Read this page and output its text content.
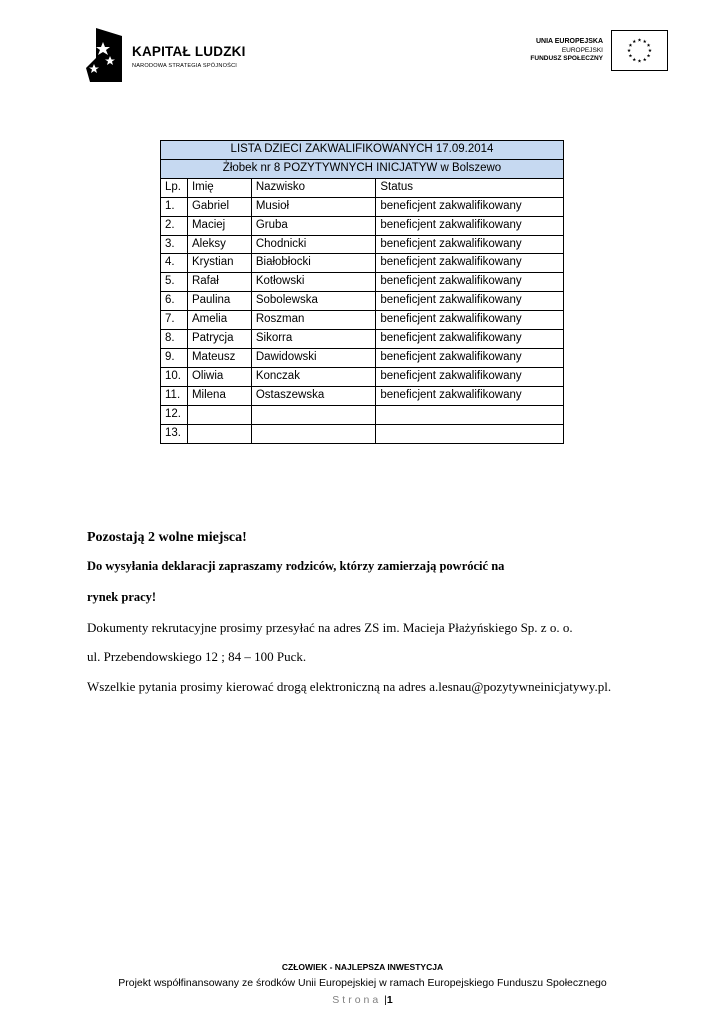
KAPITAŁ LUDZKI
NARODOWA STRATEGIA SPÓJNOŚCI
UNIA EUROPEJSKA
EUROPEJSKI
FUNDUSZ SPOŁECZNY
LISTA DZIECI ZAKWALIFIKOWANYCH 17.09.2014			
Żłobek nr 8 POZYTYWNYCH INICJATYW w Bolszewo			
Lp.	Imię	Nazwisko	Status
1.	Gabriel	Musioł	beneficjent zakwalifikowany
2.	Maciej	Gruba	beneficjent zakwalifikowany
3.	Aleksy	Chodnicki	beneficjent zakwalifikowany
4.	Krystian	Białobłocki	beneficjent zakwalifikowany
5.	Rafał	Kotłowski	beneficjent zakwalifikowany
6.	Paulina	Sobolewska	beneficjent zakwalifikowany
7.	Amelia	Roszman	beneficjent zakwalifikowany
8.	Patrycja	Sikorra	beneficjent zakwalifikowany
9.	Mateusz	Dawidowski	beneficjent zakwalifikowany
10.	Oliwia	Konczak	beneficjent zakwalifikowany
11.	Milena	Ostaszewska	beneficjent zakwalifikowany
12.			
13.			
Pozostają 2 wolne miejsca!
Do wysyłania deklaracji zapraszamy rodziców, którzy zamierzają powrócić na
rynek pracy!
Dokumenty rekrutacyjne prosimy przesyłać na adres ZS im. Macieja Płażyńskiego Sp. z o. o.
ul. Przebendowskiego 12 ; 84 – 100 Puck.
Wszelkie pytania prosimy kierować drogą elektroniczną na adres a.lesnau@pozytywneinicjatywy.pl.
CZŁOWIEK - NAJLEPSZA INWESTYCJA
Projekt współfinansowany ze środków Unii Europejskiej w ramach Europejskiego Funduszu Społecznego
Strona |1
